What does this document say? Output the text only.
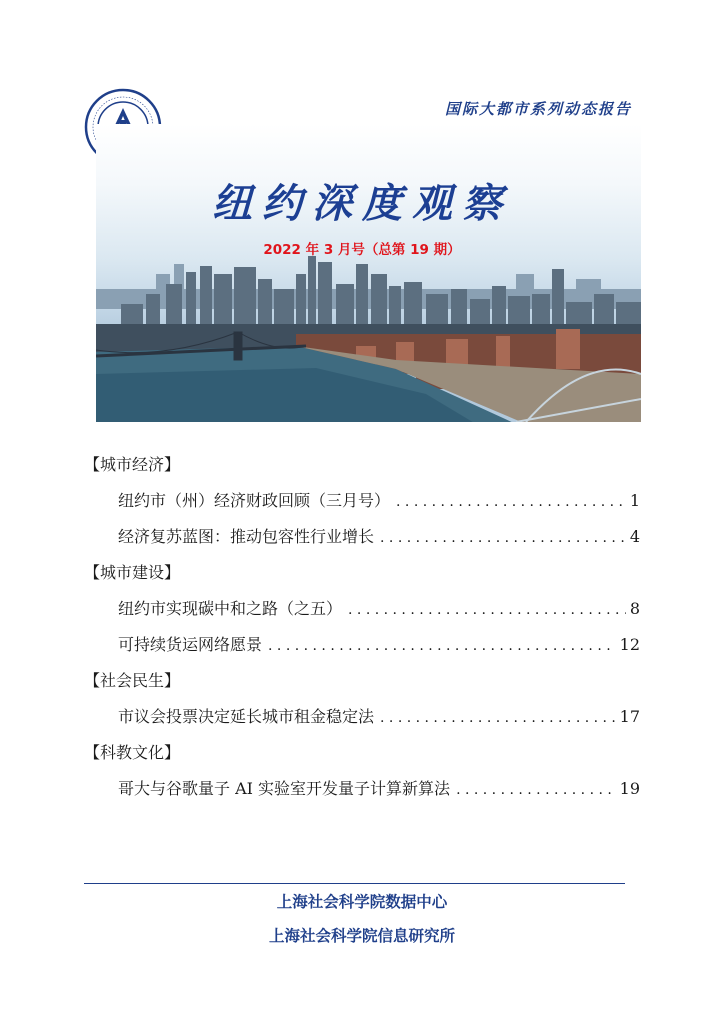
国际大都市系列动态报告
纽约深度观察
2022 年 3 月号（总第 19 期）
【城市经济】
纽约市（州）经济财政回顾（三月号） . . .	1
经济复苏蓝图：推动包容性行业增长 . . .	4
【城市建设】
纽约市实现碳中和之路（之五） . . .	8
可持续货运网络愿景 . . .	12
【社会民生】
市议会投票决定延长城市租金稳定法 . . .	17
【科教文化】
哥大与谷歌量子 AI 实验室开发量子计算新算法 . . .	19
上海社会科学院数据中心
上海社会科学院信息研究所
